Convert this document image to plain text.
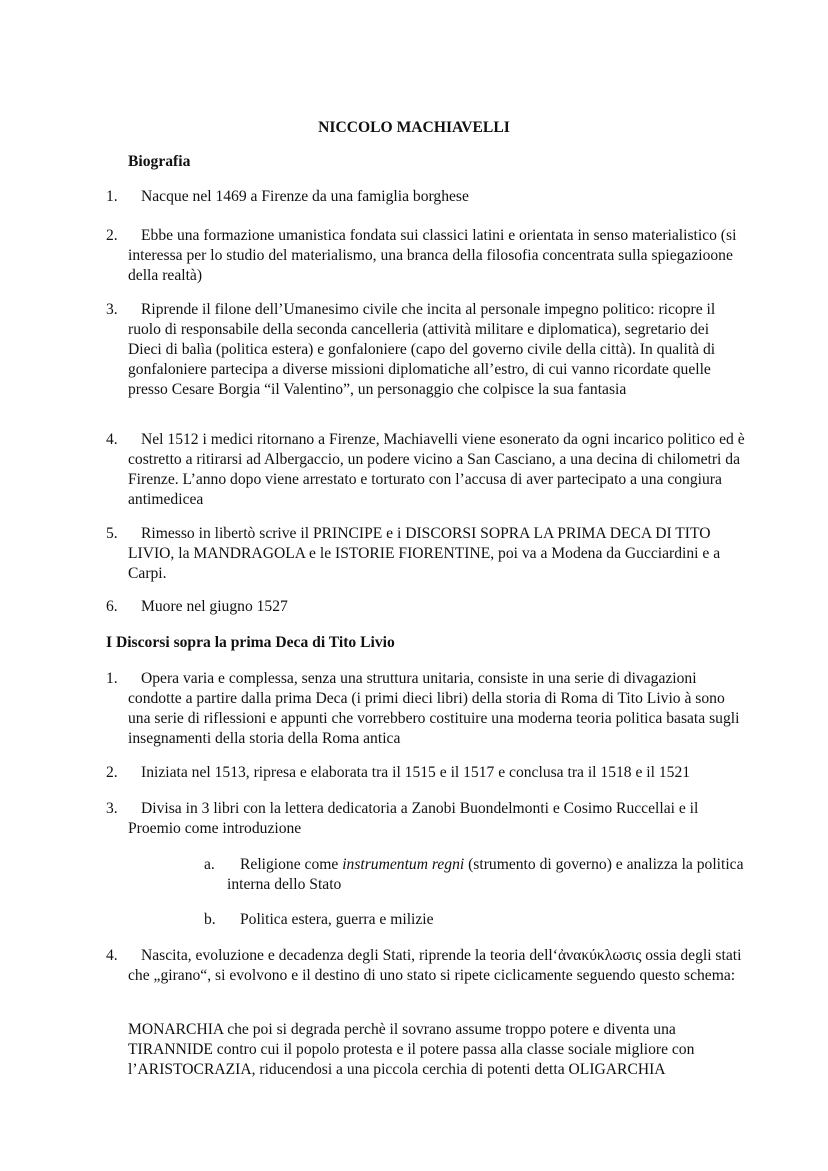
NICCOLO MACHIAVELLI
Biografia
1.	Nacque nel 1469 a Firenze da una famiglia borghese
2.	Ebbe una formazione umanistica fondata sui classici latini e orientata in senso materialistico (si interessa per lo studio del materialismo, una branca della filosofia concentrata sulla spiegazioone della realtà)
3.	Riprende il filone dell’Umanesimo civile che incita al personale impegno politico: ricopre il ruolo di responsabile della seconda cancelleria (attività militare e diplomatica), segretario dei Dieci di balìa (politica estera) e gonfaloniere (capo del governo civile della città). In qualità di gonfaloniere partecipa a diverse missioni diplomatiche all’estro, di cui vanno ricordate quelle presso Cesare Borgia “il Valentino”, un personaggio che colpisce la sua fantasia
4.	Nel 1512 i medici ritornano a Firenze, Machiavelli viene esonerato da ogni incarico politico ed è costretto a ritirarsi ad Albergaccio, un podere vicino a San Casciano, a una decina di chilometri da Firenze. L’anno dopo viene arrestato e torturato con l’accusa di aver partecipato a una congiura antimedicea
5.	Rimesso in libertò scrive il PRINCIPE e i DISCORSI SOPRA LA PRIMA DECA DI TITO LIVIO, la MANDRAGOLA e le ISTORIE FIORENTINE, poi va a Modena da Gucciardini e a Carpi.
6.	Muore nel giugno 1527
I Discorsi sopra la prima Deca di Tito Livio
1.	Opera varia e complessa, senza una struttura unitaria, consiste in una serie di divagazioni condotte a partire dalla prima Deca (i primi dieci libri) della storia di Roma di Tito Livio à sono una serie di riflessioni e appunti che vorrebbero costituire una moderna teoria politica basata sugli insegnamenti della storia della Roma antica
2.	Iniziata nel 1513, ripresa e elaborata tra il 1515 e il 1517 e conclusa tra il 1518 e il 1521
3.	Divisa in 3 libri con la lettera dedicatoria a Zanobi Buondelmonti e Cosimo Ruccellai e il Proemio come introduzione
a.	Religione come instrumentum regni (strumento di governo) e analizza la politica interna dello Stato
b.	Politica estera, guerra e milizie
4.	Nascita, evoluzione e decadenza degli Stati, riprende la teoria dell‘ἀνακύκλωσις ossia degli stati che „girano“, si evolvono e il destino di uno stato si ripete ciclicamente seguendo questo schema:
MONARCHIA che poi si degrada perchè il sovrano assume troppo potere e diventa una TIRANNIDE contro cui il popolo protesta e il potere passa alla classe sociale migliore con l’ARISTOCRAZIA, riducendosi a una piccola cerchia di potenti detta OLIGARCHIA
